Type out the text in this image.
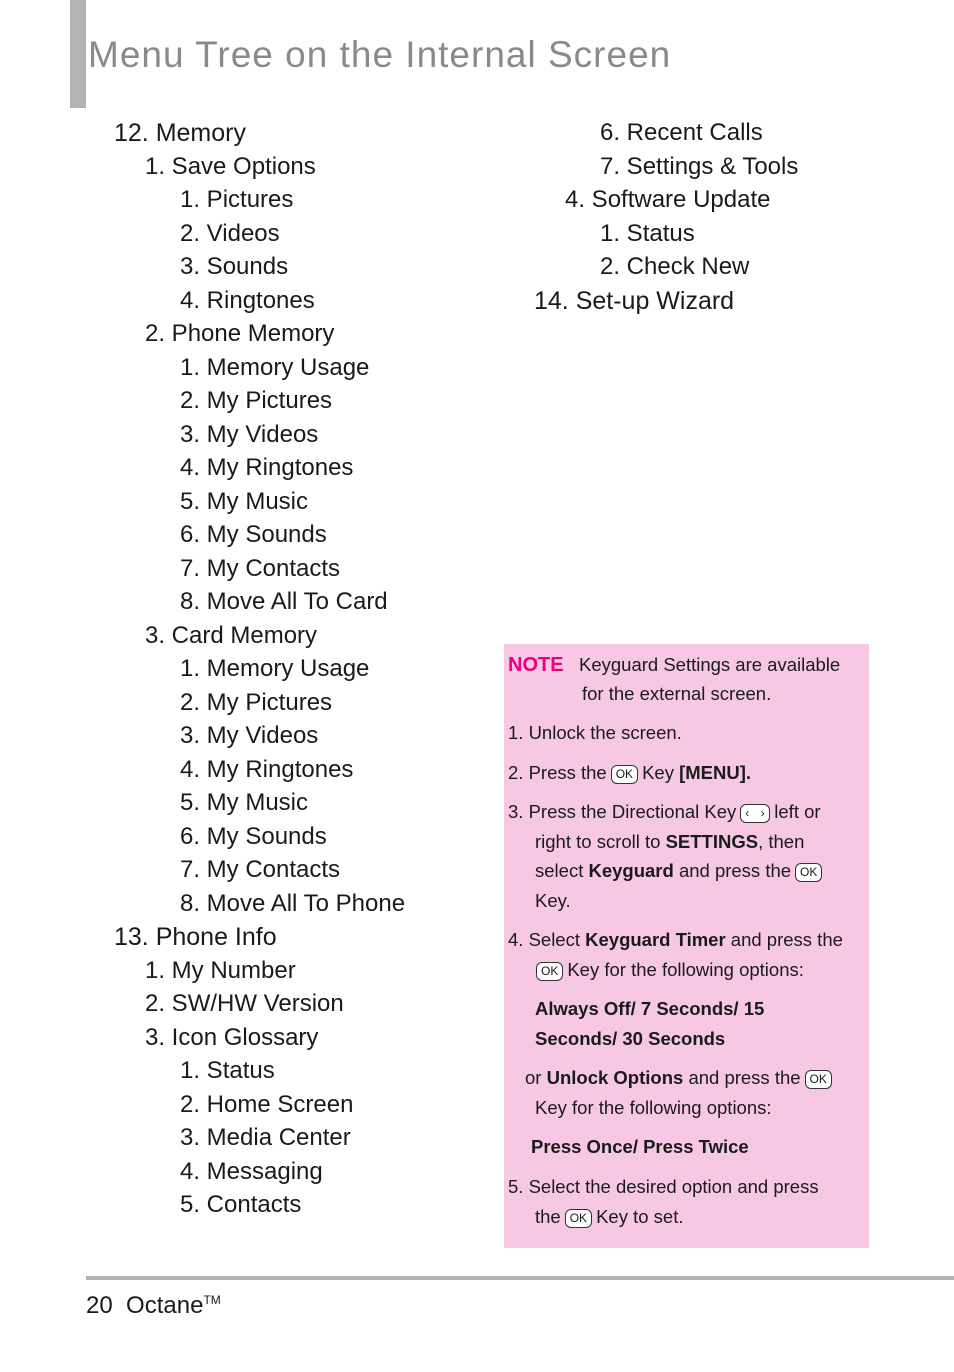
Menu Tree on the Internal Screen
12. Memory
1. Save Options
1. Pictures
2. Videos
3. Sounds
4. Ringtones
2. Phone Memory
1. Memory Usage
2. My Pictures
3. My Videos
4. My Ringtones
5. My Music
6. My Sounds
7. My Contacts
8. Move All To Card
3. Card Memory
1. Memory Usage
2. My Pictures
3. My Videos
4. My Ringtones
5. My Music
6. My Sounds
7. My Contacts
8. Move All To Phone
13. Phone Info
1. My Number
2. SW/HW Version
3. Icon Glossary
1. Status
2. Home Screen
3. Media Center
4. Messaging
5. Contacts
6. Recent Calls
7. Settings & Tools
4. Software Update
1. Status
2. Check New
14. Set-up Wizard

NOTE Keyguard Settings are available

for the external screen.

1. Unlock the screen.

2. Press the OK Key [MENU].

3. Press the Directional Key ‹ › left or

right to scroll to SETTINGS, then

select Keyguard and press the OK

Key.

4. Select Keyguard Timer and press the

OK Key for the following options:

Always Off/ 7 Seconds/ 15

Seconds/ 30 Seconds

or Unlock Options and press the OK

Key for the following options:

Press Once/ Press Twice

5. Select the desired option and press

the OK Key to set.

20 Octane™
